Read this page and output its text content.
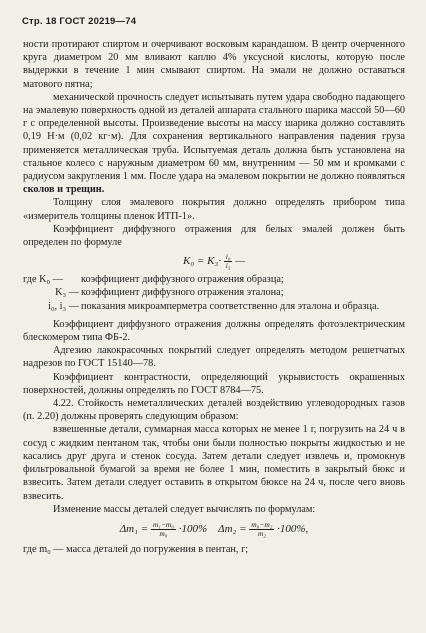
Стр. 18 ГОСТ 20219—74

ности протирают спиртом и очерчивают восковым карандашом. В центр очерченного круга диаметром 20 мм вливают каплю 4% уксусной кислоты, которую после выдержки в течение 1 мин смывают спиртом. На эмали не должно оставаться матового пятна;

механической прочность следует испытывать путем удара свободно падающего на эмалевую поверхность одной из деталей аппарата стального шарика массой 50—60 г с определенной высоты. Произведение высоты на массу шарика должно составлять 0,19 Н·м (0,02 кг·м). Для сохранения вертикального направления падения груза применяется металлическая труба. Испытуемая деталь должна быть установлена на стальное колесо с наружным диаметром 60 мм, внутренним — 50 мм и кромками с радиусом закругления 1 мм. После удара на эмалевом покрытии не должно появляться сколов и трещин.

Толщину слоя эмалевого покрытия должно определять прибором типа «измеритель толщины пленок ИТП-1».

Коэффициент диффузного отражения для белых эмалей должен быть определен по формуле

$K_0 = K_3\cdot \frac{\text{i₀}}{\text{i₃}}$ —
где K₀ —	коэффициент диффузного отражения образца;
K₃ — коэффициент диффузного отражения эталона;
i₀, i₃ — показания микроамперметра соответственно для эталона и образца.

Коэффициент диффузного отражения должны определять фотоэлектрическим блескомером типа ФБ-2.

Адгезию лакокрасочных покрытий следует определять методом решетчатых надрезов по ГОСТ 15140—78.

Коэффициент контрастности, определяющий укрывистость окрашенных поверхностей, должны определять по ГОСТ 8784—75.

4.22. Стойкость неметаллических деталей воздействию углеводородных газов (п. 2.20) должны проверять следующим образом:

взвешенные детали, суммарная масса которых не менее 1 г, погрузить на 24 ч в сосуд с жидким пентаном так, чтобы они были полностью покрыты жидкостью и не касались друг друга и стенок сосуда. Затем детали следует извлечь и, промокнув фильтровальной бумагой за время не более 1 мин, поместить в закрытый бюкс и взвесить. Затем детали следует оставить в открытом бюксе на 24 ч, после чего вновь взвесить.

Изменение массы деталей следует вычислять по формулам:

$\Delta m_1 = \frac{\text{m₁−m₀}}{\text{m₀}} \cdot 100\%$ $\Delta m_2 = \frac{\text{m₀−m₂}}{\text{m₂}} \cdot 100\%$,

где m₀ — масса деталей до погружения в пентан, г;
